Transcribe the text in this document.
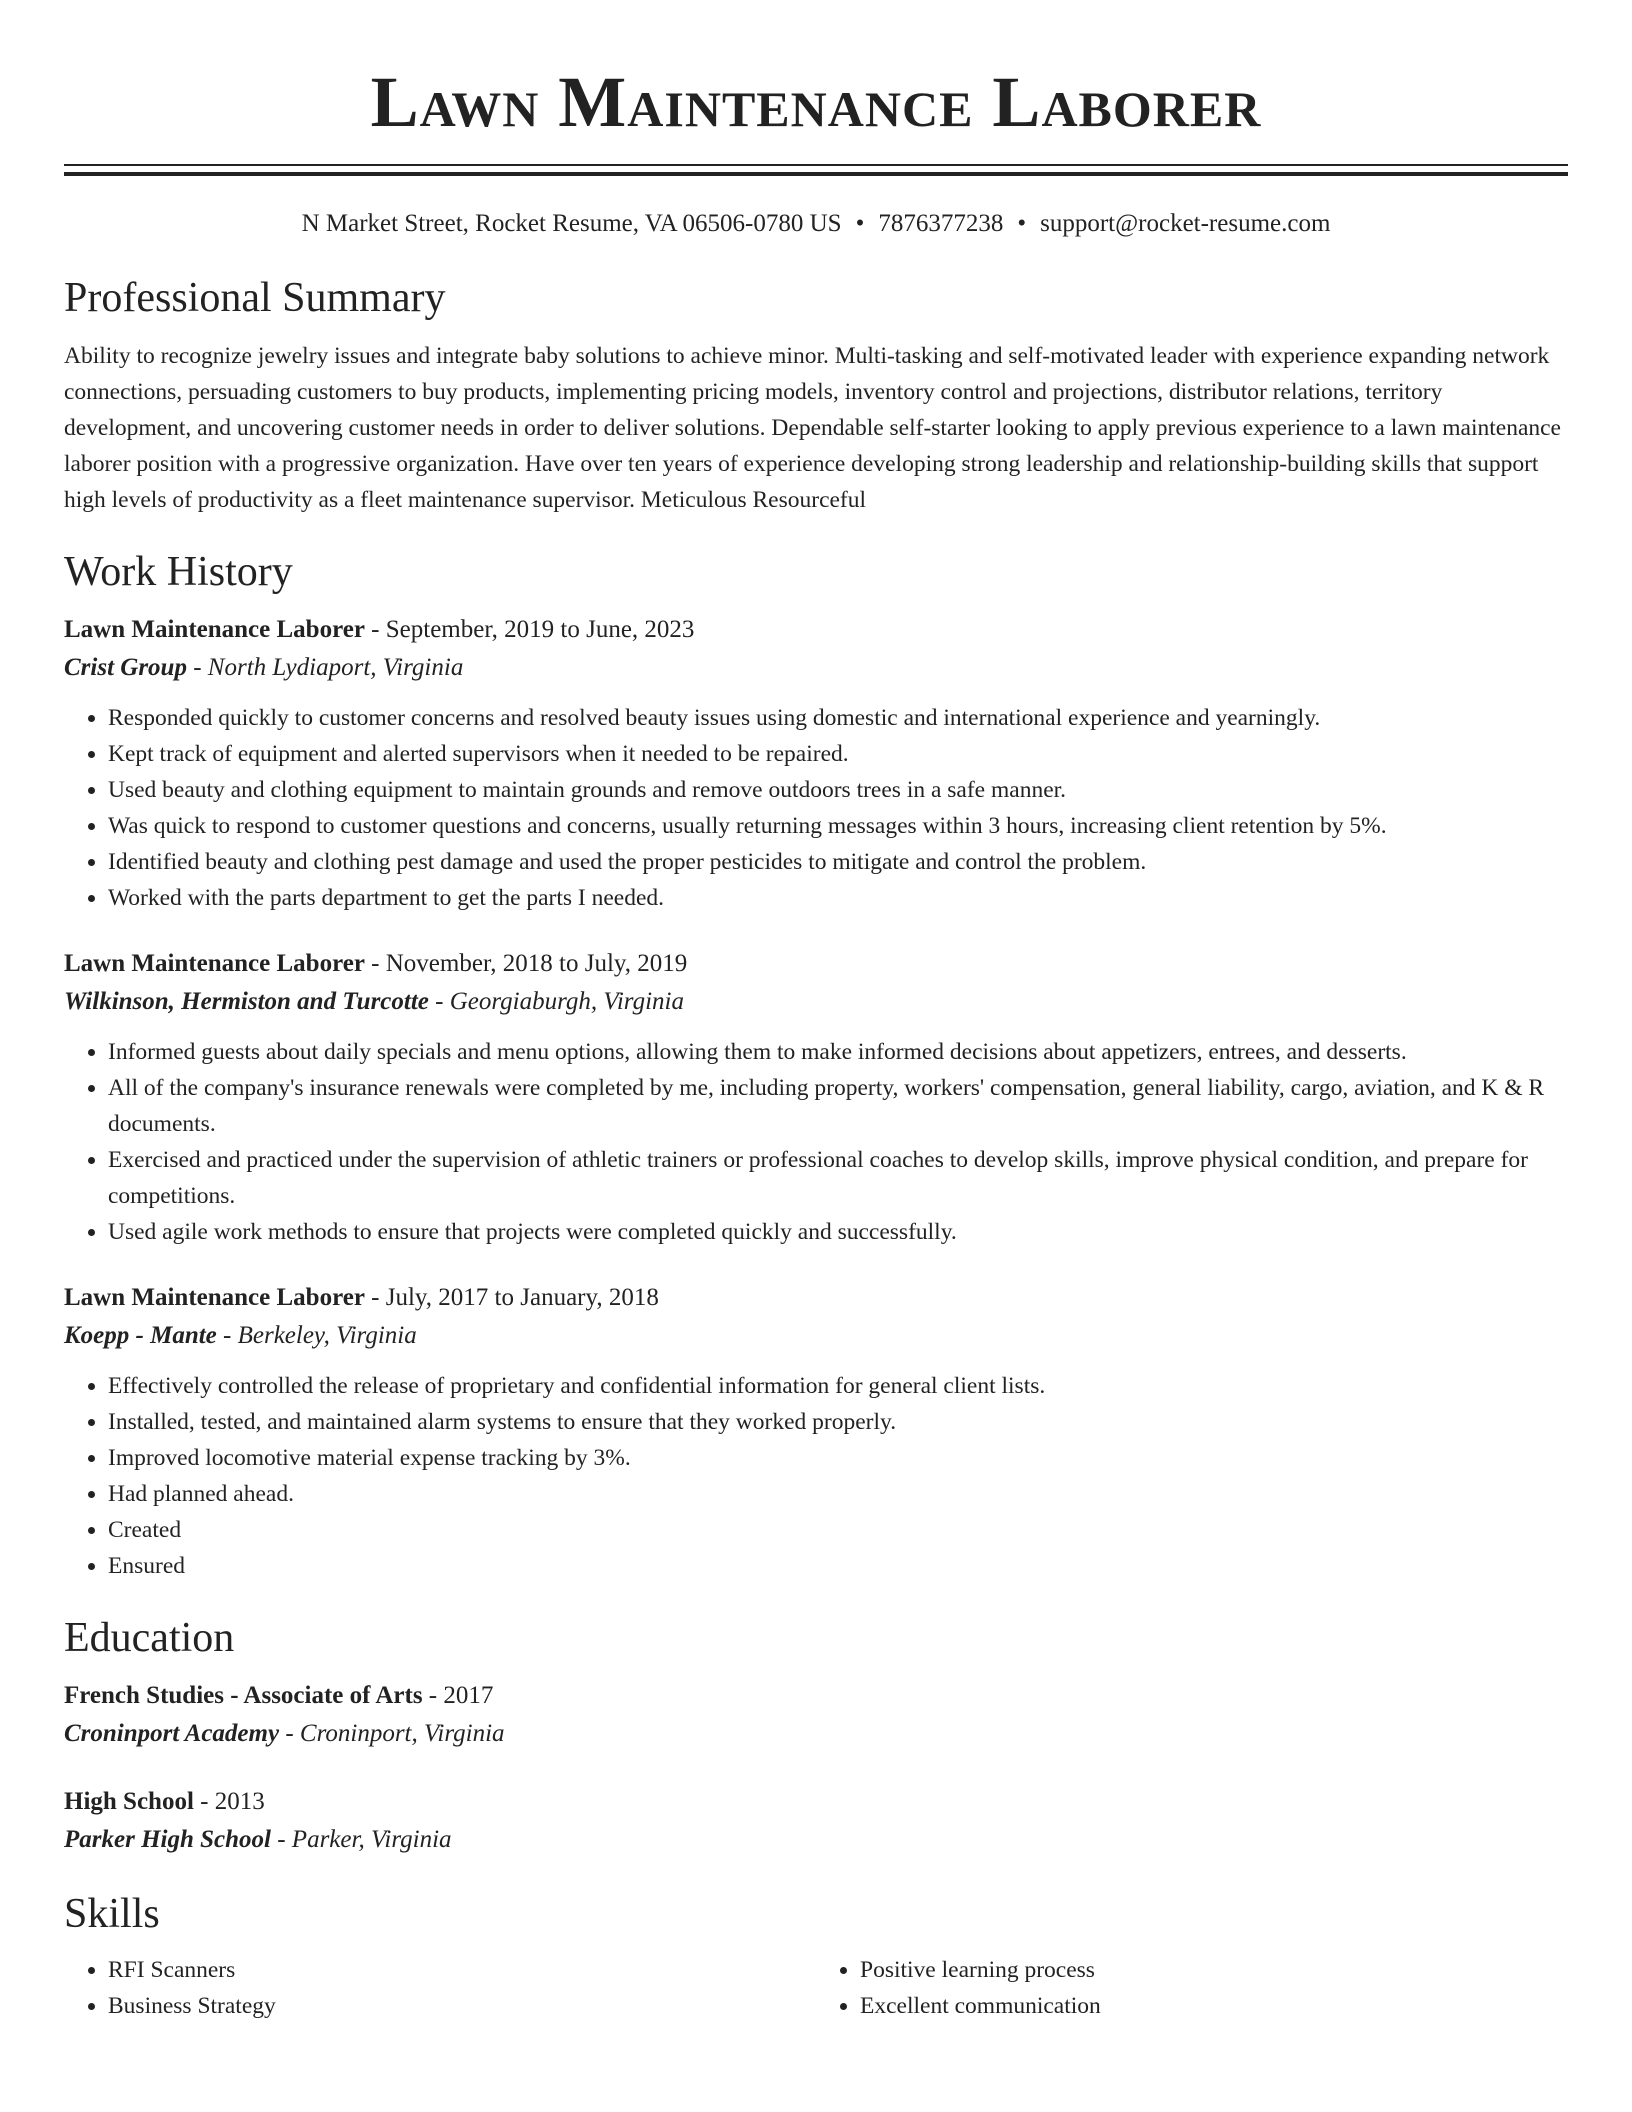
Lawn Maintenance Laborer
N Market Street, Rocket Resume, VA 06506-0780 US • 7876377238 • support@rocket-resume.com
Professional Summary

Ability to recognize jewelry issues and integrate baby solutions to achieve minor. Multi-tasking and self-motivated leader with experience expanding network connections, persuading customers to buy products, implementing pricing models, inventory control and projections, distributor relations, territory development, and uncovering customer needs in order to deliver solutions. Dependable self-starter looking to apply previous experience to a lawn maintenance laborer position with a progressive organization. Have over ten years of experience developing strong leadership and relationship-building skills that support high levels of productivity as a fleet maintenance supervisor. Meticulous Resourceful

Work History
Lawn Maintenance Laborer - September, 2019 to June, 2023
Crist Group - North Lydiaport, Virginia
• Responded quickly to customer concerns and resolved beauty issues using domestic and international experience and yearningly.
• Kept track of equipment and alerted supervisors when it needed to be repaired.
• Used beauty and clothing equipment to maintain grounds and remove outdoors trees in a safe manner.
• Was quick to respond to customer questions and concerns, usually returning messages within 3 hours, increasing client retention by 5%.
• Identified beauty and clothing pest damage and used the proper pesticides to mitigate and control the problem.
• Worked with the parts department to get the parts I needed.
Lawn Maintenance Laborer - November, 2018 to July, 2019
Wilkinson, Hermiston and Turcotte - Georgiaburgh, Virginia
• Informed guests about daily specials and menu options, allowing them to make informed decisions about appetizers, entrees, and desserts.
• All of the company's insurance renewals were completed by me, including property, workers' compensation, general liability, cargo, aviation, and K & R documents.
• Exercised and practiced under the supervision of athletic trainers or professional coaches to develop skills, improve physical condition, and prepare for competitions.
• Used agile work methods to ensure that projects were completed quickly and successfully.
Lawn Maintenance Laborer - July, 2017 to January, 2018
Koepp - Mante - Berkeley, Virginia
• Effectively controlled the release of proprietary and confidential information for general client lists.
• Installed, tested, and maintained alarm systems to ensure that they worked properly.
• Improved locomotive material expense tracking by 3%.
• Had planned ahead.
• Created
• Ensured
Education
French Studies - Associate of Arts - 2017
Croninport Academy - Croninport, Virginia
High School - 2013
Parker High School - Parker, Virginia
Skills
• RFI Scanners
• Business Strategy
• Positive learning process
• Excellent communication
